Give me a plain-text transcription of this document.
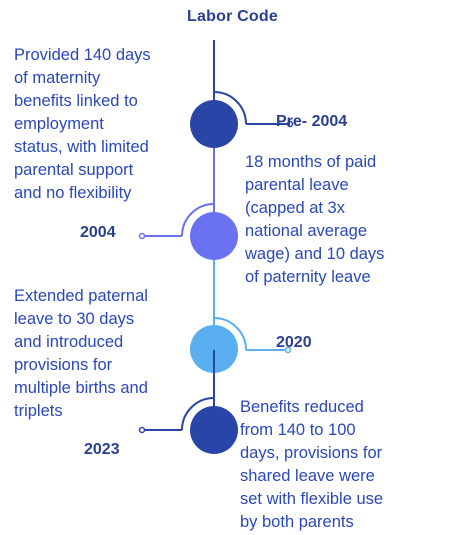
Labor Code
Pre- 2004

Provided 140 days
of maternity
benefits linked to
employment
status, with limited
parental support
and no flexibility

2004

18 months of paid
parental leave
(capped at 3x
national average
wage) and 10 days
of paternity leave

2020

Extended paternal
leave to 30 days
and introduced
provisions for
multiple births and
triplets

2023

Benefits reduced
from 140 to 100
days, provisions for
shared leave were
set with flexible use
by both parents
